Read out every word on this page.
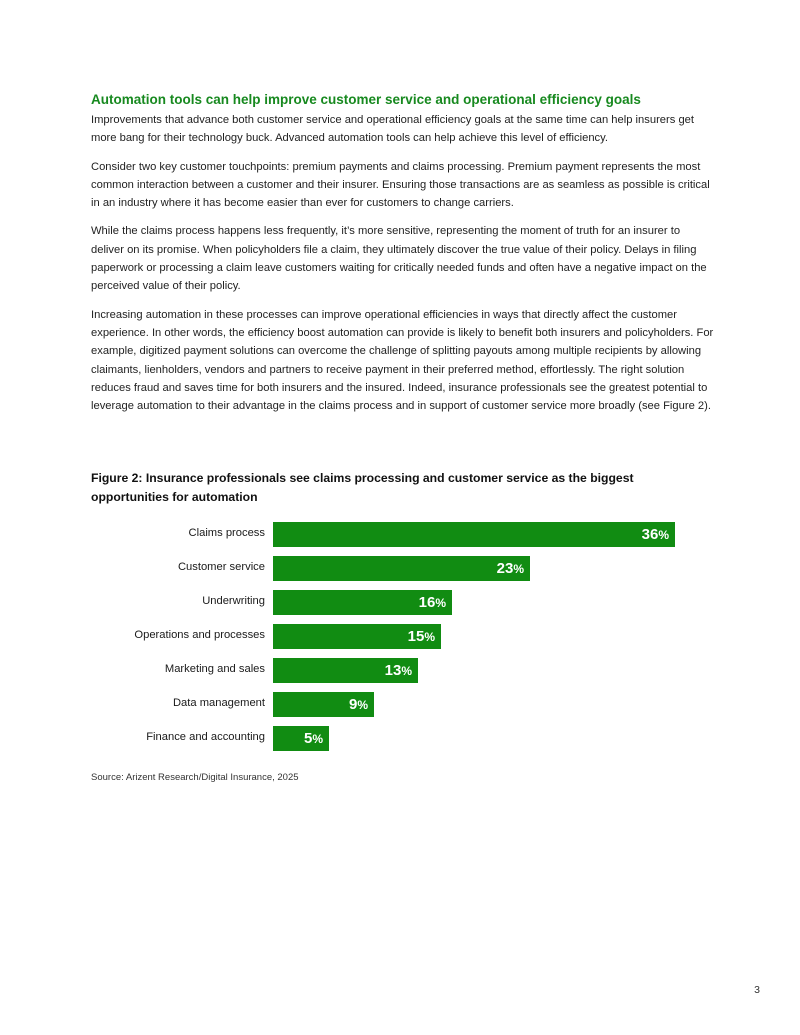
Automation tools can help improve customer service and operational efficiency goals

Improvements that advance both customer service and operational efficiency goals at the same time can help insurers get more bang for their technology buck. Advanced automation tools can help achieve this level of efficiency.

Consider two key customer touchpoints: premium payments and claims processing. Premium payment represents the most common interaction between a customer and their insurer. Ensuring those transactions are as seamless as possible is critical in an industry where it has become easier than ever for customers to change carriers.

While the claims process happens less frequently, it’s more sensitive, representing the moment of truth for an insurer to deliver on its promise. When policyholders file a claim, they ultimately discover the true value of their policy. Delays in filing paperwork or processing a claim leave customers waiting for critically needed funds and often have a negative impact on the perceived value of their policy.

Increasing automation in these processes can improve operational efficiencies in ways that directly affect the customer experience. In other words, the efficiency boost automation can provide is likely to benefit both insurers and policyholders. For example, digitized payment solutions can overcome the challenge of splitting payouts among multiple recipients by allowing claimants, lienholders, vendors and partners to receive payment in their preferred method, effortlessly. The right solution reduces fraud and saves time for both insurers and the insured. Indeed, insurance professionals see the greatest potential to leverage automation to their advantage in the claims process and in support of customer service more broadly (see Figure 2).

Figure 2: Insurance professionals see claims processing and customer service as the biggest opportunities for automation
Claims process	36%
Customer service	23%
Underwriting	16%
Operations and processes	15%
Marketing and sales	13%
Data management	9%
Finance and accounting	5%
Source: Arizent Research/Digital Insurance, 2025
3
